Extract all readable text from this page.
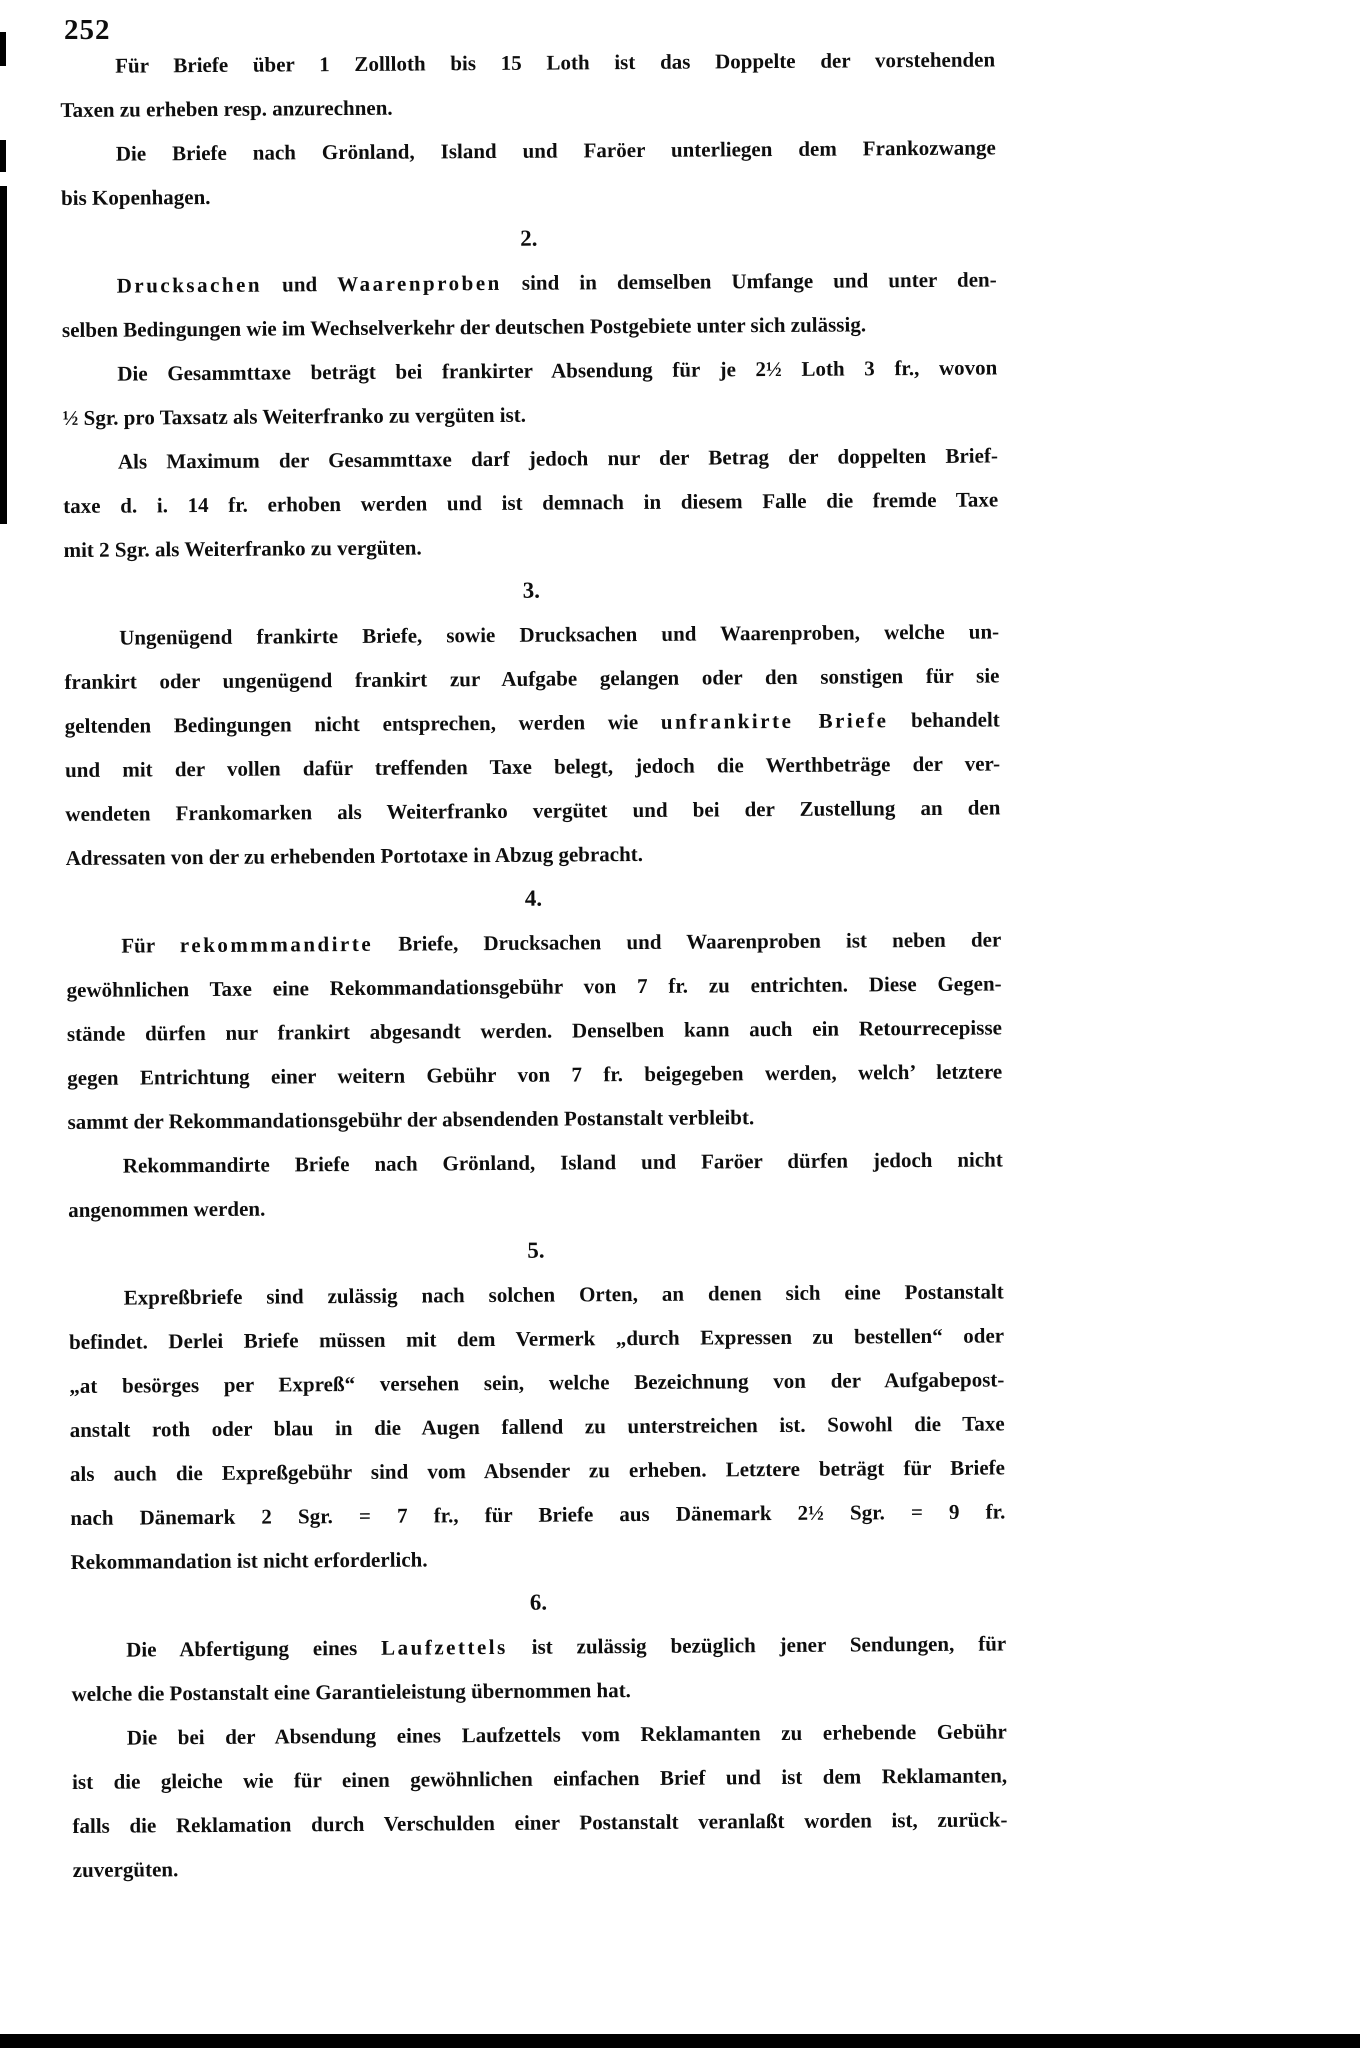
252
Für Briefe über 1 Zollloth bis 15 Loth ist das Doppelte der vorstehenden
Taxen zu erheben resp. anzurechnen.
Die Briefe nach Grönland, Island und Faröer unterliegen dem Frankozwange
bis Kopenhagen.
2.
Drucksachen und Waarenproben sind in demselben Umfange und unter den-
selben Bedingungen wie im Wechselverkehr der deutschen Postgebiete unter sich zulässig.
Die Gesammttaxe beträgt bei frankirter Absendung für je 2½ Loth 3 fr., wovon
½ Sgr. pro Taxsatz als Weiterfranko zu vergüten ist.
Als Maximum der Gesammttaxe darf jedoch nur der Betrag der doppelten Brief-
taxe d. i. 14 fr. erhoben werden und ist demnach in diesem Falle die fremde Taxe
mit 2 Sgr. als Weiterfranko zu vergüten.
3.
Ungenügend frankirte Briefe, sowie Drucksachen und Waarenproben, welche un-
frankirt oder ungenügend frankirt zur Aufgabe gelangen oder den sonstigen für sie
geltenden Bedingungen nicht entsprechen, werden wie unfrankirte Briefe behandelt
und mit der vollen dafür treffenden Taxe belegt, jedoch die Werthbeträge der ver-
wendeten Frankomarken als Weiterfranko vergütet und bei der Zustellung an den
Adressaten von der zu erhebenden Portotaxe in Abzug gebracht.
4.
Für rekommmandirte Briefe, Drucksachen und Waarenproben ist neben der
gewöhnlichen Taxe eine Rekommandationsgebühr von 7 fr. zu entrichten. Diese Gegen-
stände dürfen nur frankirt abgesandt werden. Denselben kann auch ein Retourrecepisse
gegen Entrichtung einer weitern Gebühr von 7 fr. beigegeben werden, welch’ letztere
sammt der Rekommandationsgebühr der absendenden Postanstalt verbleibt.
Rekommandirte Briefe nach Grönland, Island und Faröer dürfen jedoch nicht
angenommen werden.
5.
Expreßbriefe sind zulässig nach solchen Orten, an denen sich eine Postanstalt
befindet. Derlei Briefe müssen mit dem Vermerk „durch Expressen zu bestellen“ oder
„at besörges per Expreß“ versehen sein, welche Bezeichnung von der Aufgabepost-
anstalt roth oder blau in die Augen fallend zu unterstreichen ist. Sowohl die Taxe
als auch die Expreßgebühr sind vom Absender zu erheben. Letztere beträgt für Briefe
nach Dänemark 2 Sgr. = 7 fr., für Briefe aus Dänemark 2½ Sgr. = 9 fr.
Rekommandation ist nicht erforderlich.
6.
Die Abfertigung eines Laufzettels ist zulässig bezüglich jener Sendungen, für
welche die Postanstalt eine Garantieleistung übernommen hat.
Die bei der Absendung eines Laufzettels vom Reklamanten zu erhebende Gebühr
ist die gleiche wie für einen gewöhnlichen einfachen Brief und ist dem Reklamanten,
falls die Reklamation durch Verschulden einer Postanstalt veranlaßt worden ist, zurück-
zuvergüten.
